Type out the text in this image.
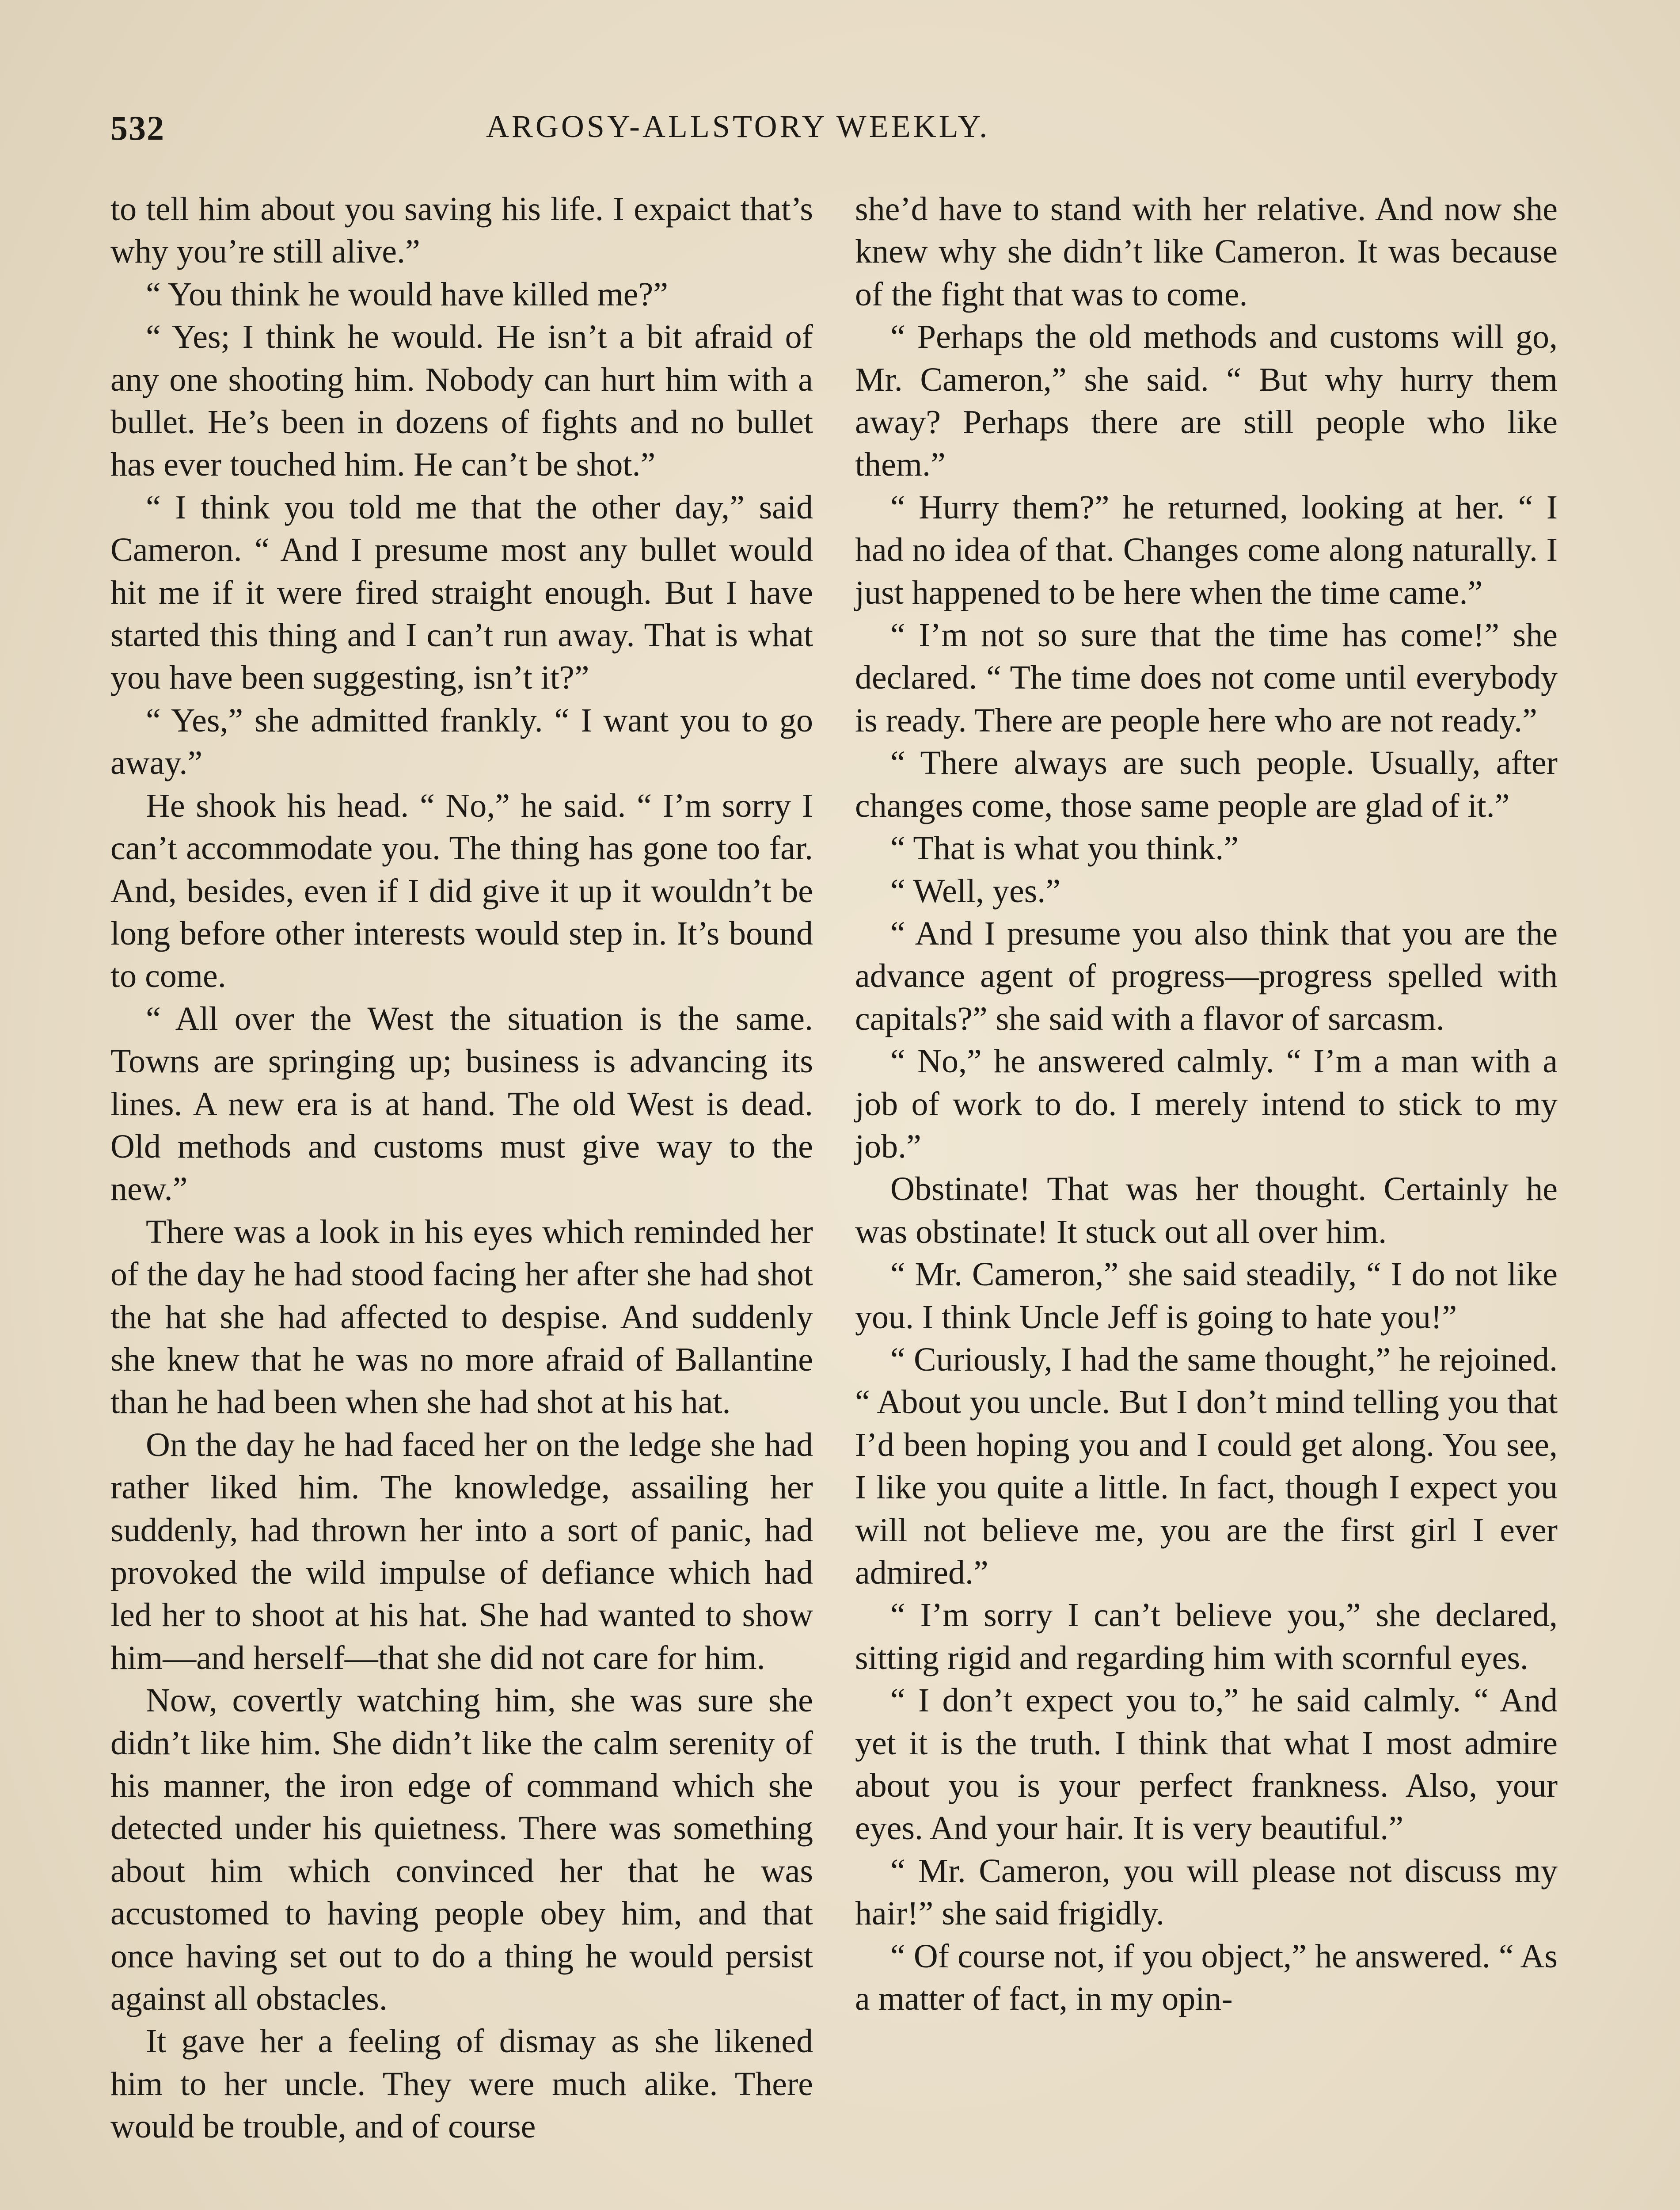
532	ARGOSY-ALLSTORY WEEKLY.

to tell him about you saving his life. I expaict that’s why you’re still alive.”

“ You think he would have killed me?”

“ Yes; I think he would. He isn’t a bit afraid of any one shooting him. Nobody can hurt him with a bullet. He’s been in dozens of fights and no bullet has ever touched him. He can’t be shot.”

“ I think you told me that the other day,” said Cameron. “ And I presume most any bullet would hit me if it were fired straight enough. But I have started this thing and I can’t run away. That is what you have been suggesting, isn’t it?”

“ Yes,” she admitted frankly. “ I want you to go away.”

He shook his head. “ No,” he said. “ I’m sorry I can’t accommodate you. The thing has gone too far. And, besides, even if I did give it up it wouldn’t be long before other interests would step in. It’s bound to come.

“ All over the West the situation is the same. Towns are springing up; business is advancing its lines. A new era is at hand. The old West is dead. Old methods and customs must give way to the new.”

There was a look in his eyes which reminded her of the day he had stood facing her after she had shot the hat she had affected to despise. And suddenly she knew that he was no more afraid of Ballantine than he had been when she had shot at his hat.

On the day he had faced her on the ledge she had rather liked him. The knowledge, assailing her suddenly, had thrown her into a sort of panic, had provoked the wild impulse of defiance which had led her to shoot at his hat. She had wanted to show him—and herself—that she did not care for him.

Now, covertly watching him, she was sure she didn’t like him. She didn’t like the calm serenity of his manner, the iron edge of command which she detected under his quietness. There was something about him which convinced her that he was accustomed to having people obey him, and that once having set out to do a thing he would persist against all obstacles.

It gave her a feeling of dismay as she likened him to her uncle. They were much alike. There would be trouble, and of course

she’d have to stand with her relative. And now she knew why she didn’t like Cameron. It was because of the fight that was to come.

“ Perhaps the old methods and customs will go, Mr. Cameron,” she said. “ But why hurry them away? Perhaps there are still people who like them.”

“ Hurry them?” he returned, looking at her. “ I had no idea of that. Changes come along naturally. I just happened to be here when the time came.”

“ I’m not so sure that the time has come!” she declared. “ The time does not come until everybody is ready. There are people here who are not ready.”

“ There always are such people. Usually, after changes come, those same people are glad of it.”

“ That is what you think.”

“ Well, yes.”

“ And I presume you also think that you are the advance agent of progress—progress spelled with capitals?” she said with a flavor of sarcasm.

“ No,” he answered calmly. “ I’m a man with a job of work to do. I merely intend to stick to my job.”

Obstinate! That was her thought. Certainly he was obstinate! It stuck out all over him.

“ Mr. Cameron,” she said steadily, “ I do not like you. I think Uncle Jeff is going to hate you!”

“ Curiously, I had the same thought,” he rejoined. “ About you uncle. But I don’t mind telling you that I’d been hoping you and I could get along. You see, I like you quite a little. In fact, though I expect you will not believe me, you are the first girl I ever admired.”

“ I’m sorry I can’t believe you,” she declared, sitting rigid and regarding him with scornful eyes.

“ I don’t expect you to,” he said calmly. “ And yet it is the truth. I think that what I most admire about you is your perfect frankness. Also, your eyes. And your hair. It is very beautiful.”

“ Mr. Cameron, you will please not discuss my hair!” she said frigidly.

“ Of course not, if you object,” he answered. “ As a matter of fact, in my opin-
